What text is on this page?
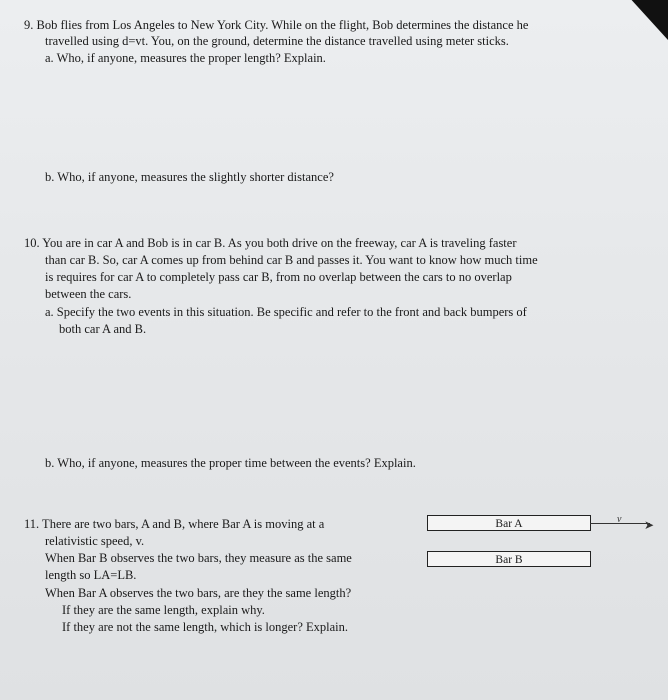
9. Bob flies from Los Angeles to New York City. While on the flight, Bob determines the distance he
travelled using d=vt. You, on the ground, determine the distance travelled using meter sticks.
a. Who, if anyone, measures the proper length? Explain.
b. Who, if anyone, measures the slightly shorter distance?
10. You are in car A and Bob is in car B. As you both drive on the freeway, car A is traveling faster
than car B. So, car A comes up from behind car B and passes it. You want to know how much time
is requires for car A to completely pass car B, from no overlap between the cars to no overlap
between the cars.
a. Specify the two events in this situation. Be specific and refer to the front and back bumpers of
both car A and B.
b. Who, if anyone, measures the proper time between the events? Explain.
11. There are two bars, A and B, where Bar A is moving at a
relativistic speed, v.
When Bar B observes the two bars, they measure as the same
length so LA=LB.
When Bar A observes the two bars, are they the same length?
If they are the same length, explain why.
If they are not the same length, which is longer? Explain.
Bar A	➤
v
Bar B
